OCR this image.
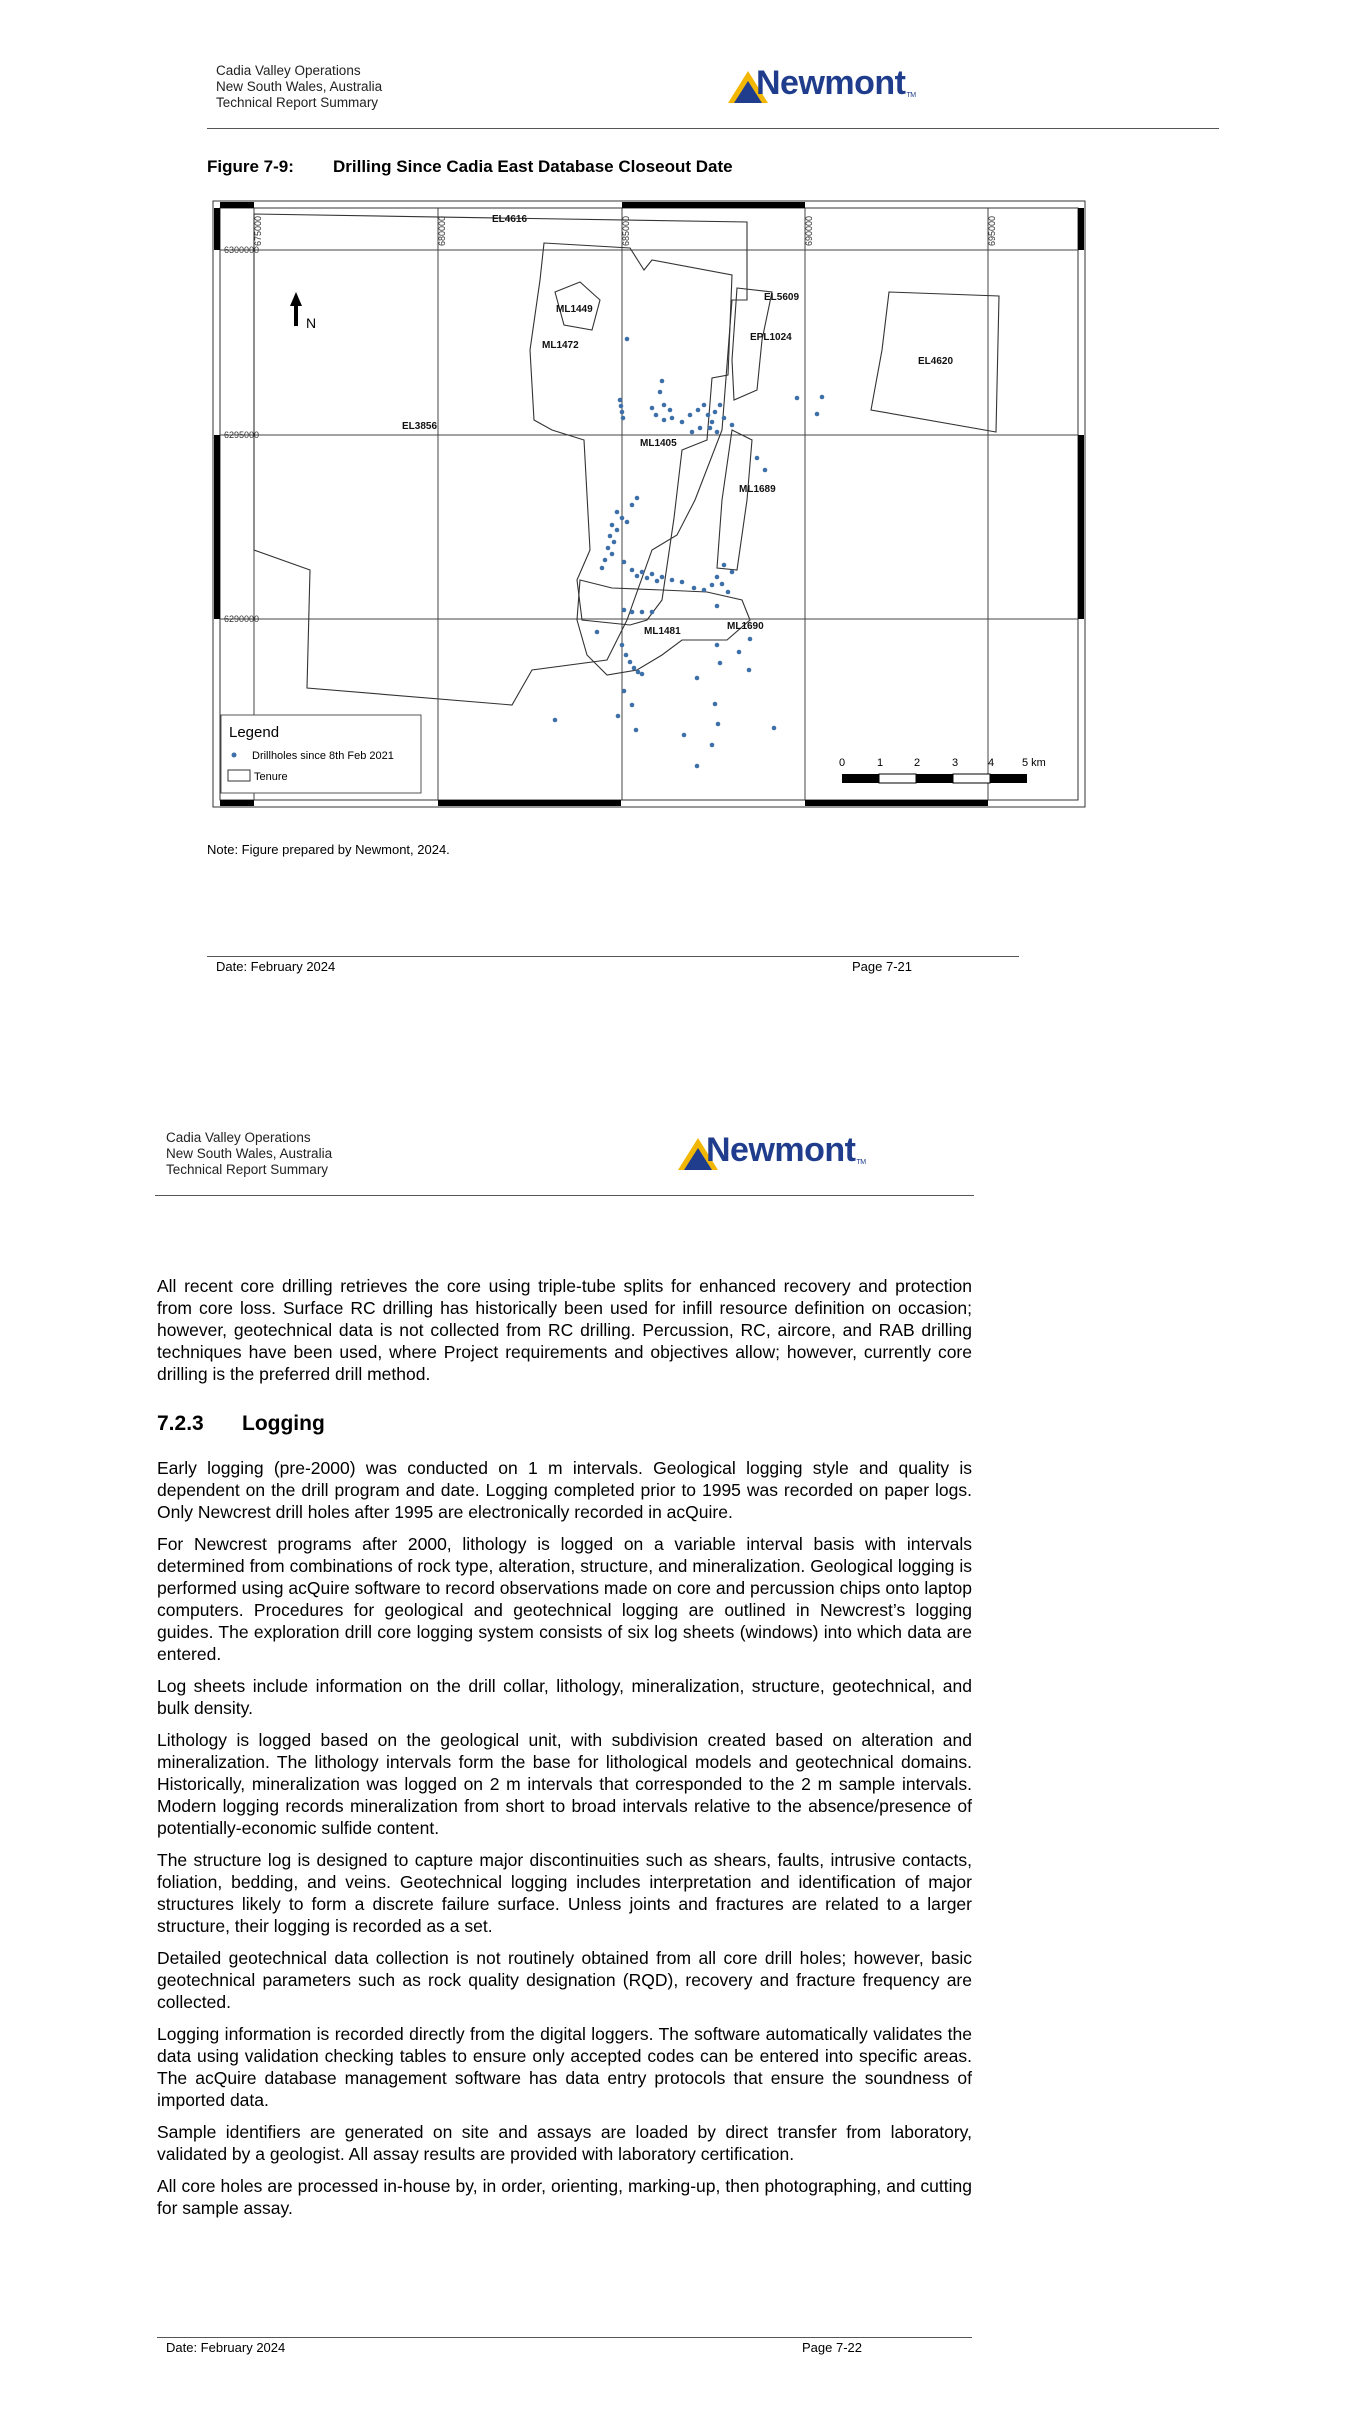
Cadia Valley Operations
New South Wales, Australia
Technical Report Summary
Newmont TM
Figure 7-9: Drilling Since Cadia East Database Closeout Date
675000	680000	685000	690000	695000
6300000
6295000
6290000
EL4616
ML1449
ML1472
EL5609
EPL1024
EL4620
EL3856
ML1405
ML1689
ML1481	ML1690
N
Legend
Drillholes since 8th Feb 2021
Tenure
0	1	2	3	4	5 km
Note: Figure prepared by Newmont, 2024.
Date: February 2024	Page 7-21
Cadia Valley Operations
New South Wales, Australia
Technical Report Summary
Newmont TM

All recent core drilling retrieves the core using triple-tube splits for enhanced recovery and protection from core loss. Surface RC drilling has historically been used for infill resource definition on occasion; however, geotechnical data is not collected from RC drilling. Percussion, RC, aircore, and RAB drilling techniques have been used, where Project requirements and objectives allow; however, currently core drilling is the preferred drill method.

7.2.3 Logging

Early logging (pre-2000) was conducted on 1 m intervals. Geological logging style and quality is dependent on the drill program and date. Logging completed prior to 1995 was recorded on paper logs. Only Newcrest drill holes after 1995 are electronically recorded in acQuire.

For Newcrest programs after 2000, lithology is logged on a variable interval basis with intervals determined from combinations of rock type, alteration, structure, and mineralization. Geological logging is performed using acQuire software to record observations made on core and percussion chips onto laptop computers. Procedures for geological and geotechnical logging are outlined in Newcrest’s logging guides. The exploration drill core logging system consists of six log sheets (windows) into which data are entered.

Log sheets include information on the drill collar, lithology, mineralization, structure, geotechnical, and bulk density.

Lithology is logged based on the geological unit, with subdivision created based on alteration and mineralization. The lithology intervals form the base for lithological models and geotechnical domains. Historically, mineralization was logged on 2 m intervals that corresponded to the 2 m sample intervals. Modern logging records mineralization from short to broad intervals relative to the absence/presence of potentially-economic sulfide content.

The structure log is designed to capture major discontinuities such as shears, faults, intrusive contacts, foliation, bedding, and veins. Geotechnical logging includes interpretation and identification of major structures likely to form a discrete failure surface. Unless joints and fractures are related to a larger structure, their logging is recorded as a set.

Detailed geotechnical data collection is not routinely obtained from all core drill holes; however, basic geotechnical parameters such as rock quality designation (RQD), recovery and fracture frequency are collected.

Logging information is recorded directly from the digital loggers. The software automatically validates the data using validation checking tables to ensure only accepted codes can be entered into specific areas. The acQuire database management software has data entry protocols that ensure the soundness of imported data.

Sample identifiers are generated on site and assays are loaded by direct transfer from laboratory, validated by a geologist. All assay results are provided with laboratory certification.

All core holes are processed in-house by, in order, orienting, marking-up, then photographing, and cutting for sample assay.

Date: February 2024	Page 7-22
